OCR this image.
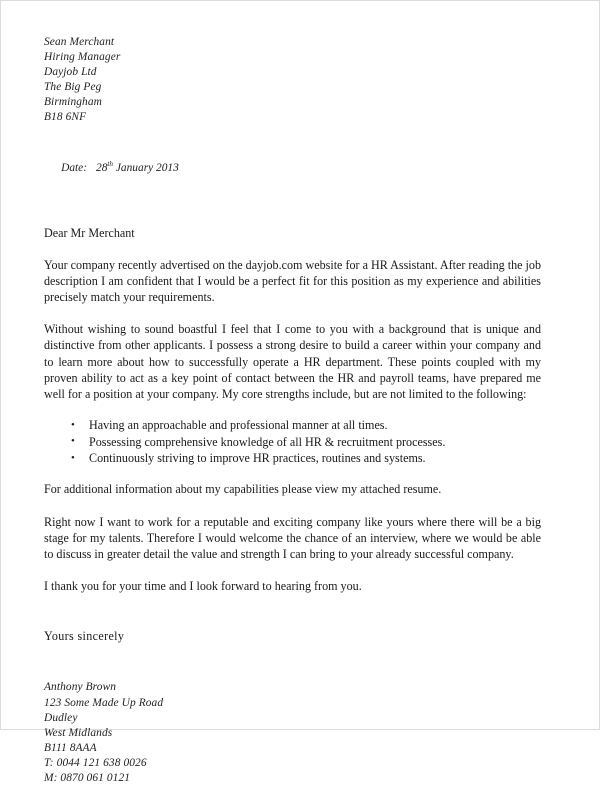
Sean Merchant
Hiring Manager
Dayjob Ltd
The Big Peg
Birmingham
B18 6NF

Date: 28th January 2013

Dear Mr Merchant
Your company recently advertised on the dayjob.com website for a HR Assistant. After reading the job description I am confident that I would be a perfect fit for this position as my experience and abilities precisely match your requirements.
Without wishing to sound boastful I feel that I come to you with a background that is unique and distinctive from other applicants. I possess a strong desire to build a career within your company and to learn more about how to successfully operate a HR department. These points coupled with my proven ability to act as a key point of contact between the HR and payroll teams, have prepared me well for a position at your company. My core strengths include, but are not limited to the following:
• Having an approachable and professional manner at all times.
• Possessing comprehensive knowledge of all HR & recruitment processes.
• Continuously striving to improve HR practices, routines and systems.
For additional information about my capabilities please view my attached resume.
Right now I want to work for a reputable and exciting company like yours where there will be a big stage for my talents. Therefore I would welcome the chance of an interview, where we would be able to discuss in greater detail the value and strength I can bring to your already successful company.
I thank you for your time and I look forward to hearing from you.
Yours sincerely
Anthony Brown
123 Some Made Up Road
Dudley
West Midlands
B111 8AAA
T: 0044 121 638 0026
M: 0870 061 0121
